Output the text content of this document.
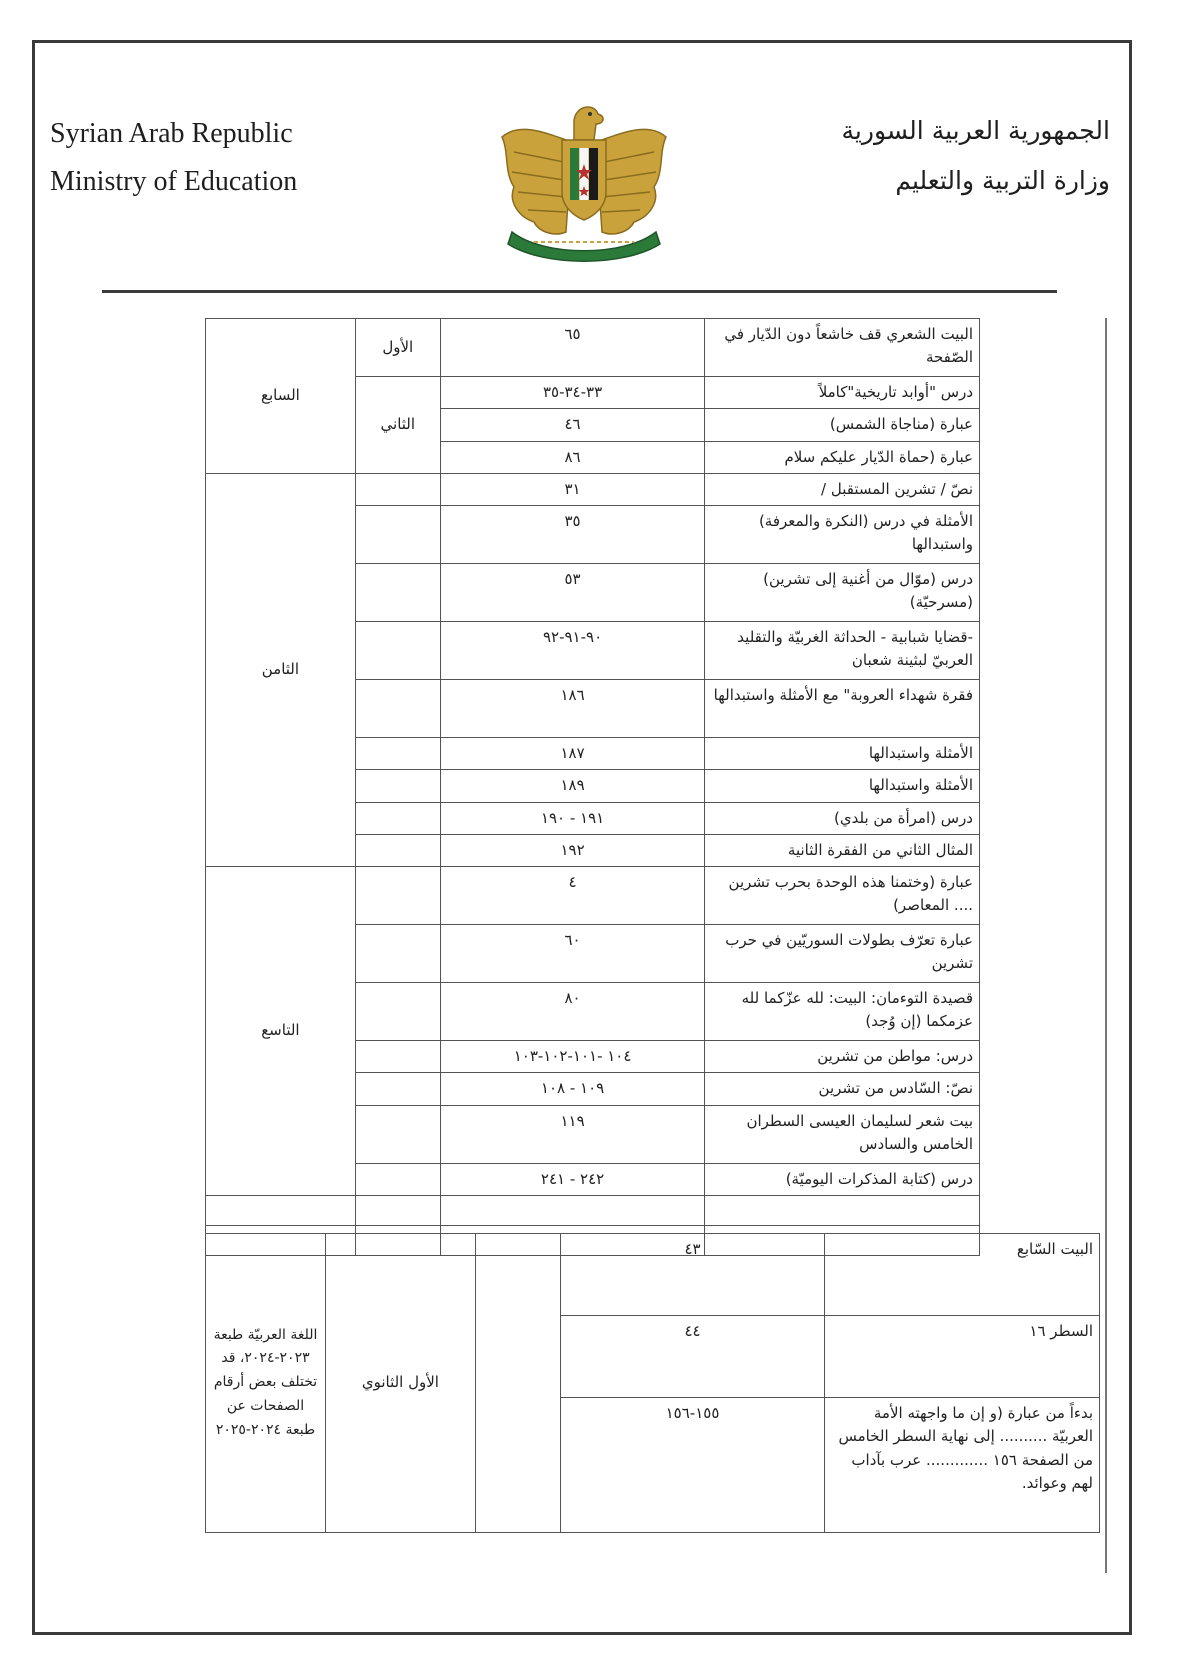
Syrian Arab Republic
Ministry of Education
الجمهورية العربية السورية
وزارة التربية والتعليم
البيت الشعري قف خاشعاً دون الدّيار في الصّفحة	٦٥	الأول	السابع
درس "أوابد تاريخية"كاملاً	٣٣-٣٤-٣٥	الثاني	
عبارة (مناجاة الشمس)	٤٦		
عبارة (حماة الدّيار عليكم سلام	٨٦		
نصّ / تشرين المستقبل /	٣١		الثامن
الأمثلة في درس (النكرة والمعرفة) واستبدالها	٣٥		
درس (موّال من أغنية إلى تشرين) (مسرحيّة)	٥٣		
-قضايا شبابية - الحداثة الغربيّة والتقليد العربيّ لبثينة شعبان	٩٠-٩١-٩٢		
فقرة شهداء العروبة" مع الأمثلة واستبدالها	١٨٦		
الأمثلة واستبدالها	١٨٧		
الأمثلة واستبدالها	١٨٩		
درس (امرأة من بلدي)	١٩١ - ١٩٠		
المثال الثاني من الفقرة الثانية	١٩٢		
عبارة (وختمنا هذه الوحدة بحرب تشرين .... المعاصر)	٤		التاسع
عبارة تعرّف بطولات السوريّين في حرب تشرين	٦٠		
قصيدة التوءمان: البيت: لله عزّكما لله عزمكما (إن وُجد)	٨٠		
درس: مواطن من تشرين	١٠٤ -١٠١-١٠٢-١٠٣		
نصّ: السّادس من تشرين	١٠٩ - ١٠٨		
بيت شعر لسليمان العيسى السطران الخامس والسادس	١١٩		
درس (كتابة المذكرات اليوميّة)	٢٤٢ - ٢٤١		

البيت السّابع	٤٣		الأول الثانوي	اللغة العربيّة طبعة ٢٠٢٣-٢٠٢٤، قد تختلف بعض أرقام الصفحات عن طبعة ٢٠٢٤-٢٠٢٥
السطر ١٦	٤٤			
بدءاً من عبارة (و إن ما واجهته الأمة العربيّة .......... إلى نهاية السطر الخامس من الصفحة ١٥٦ ............. عرب بآداب لهم وعوائد.	١٥٥-١٥٦			
